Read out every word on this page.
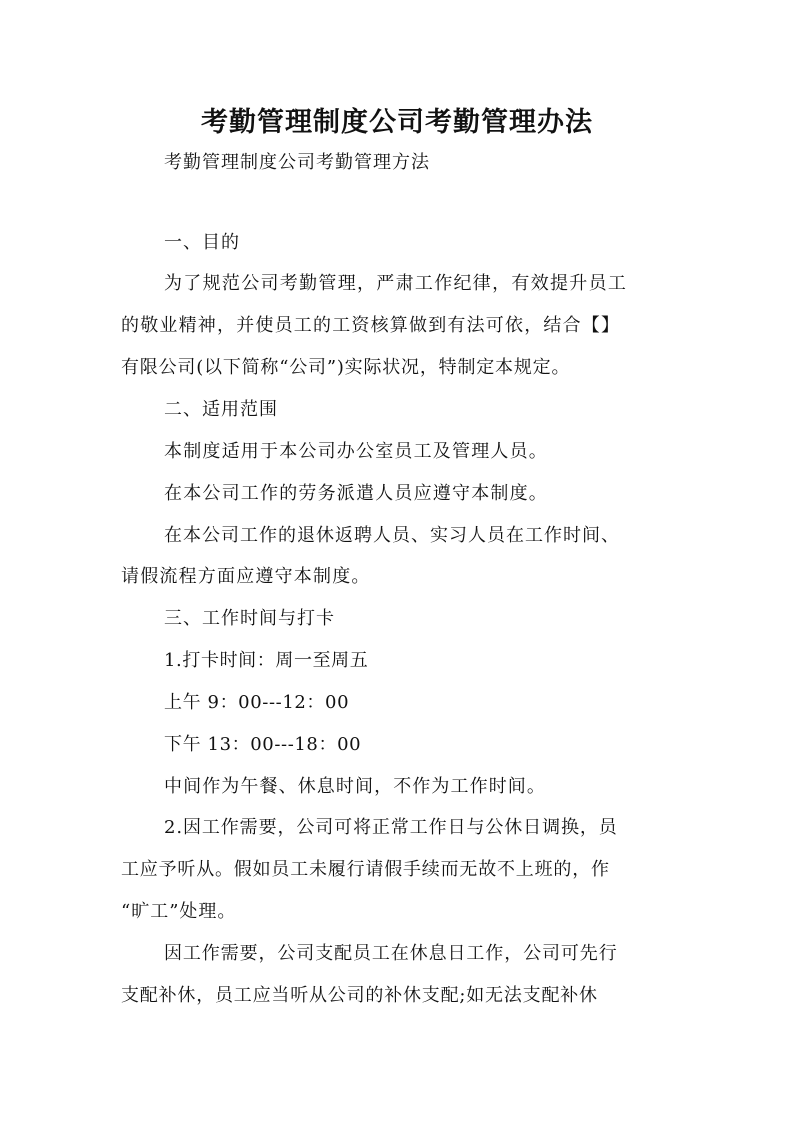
考勤管理制度公司考勤管理办法
考勤管理制度公司考勤管理方法
一、目的
为了规范公司考勤管理，严肃工作纪律，有效提升员工
的敬业精神，并使员工的工资核算做到有法可依，结合【】
有限公司(以下简称“公司”)实际状况，特制定本规定。
二、适用范围
本制度适用于本公司办公室员工及管理人员。
在本公司工作的劳务派遣人员应遵守本制度。
在本公司工作的退休返聘人员、实习人员在工作时间、
请假流程方面应遵守本制度。
三、工作时间与打卡
1.打卡时间：周一至周五
上午 9：00---12：00
下午 13：00---18：00
中间作为午餐、休息时间，不作为工作时间。
2.因工作需要，公司可将正常工作日与公休日调换，员
工应予听从。假如员工未履行请假手续而无故不上班的，作
“旷工”处理。
因工作需要，公司支配员工在休息日工作，公司可先行
支配补休，员工应当听从公司的补休支配;如无法支配补休
